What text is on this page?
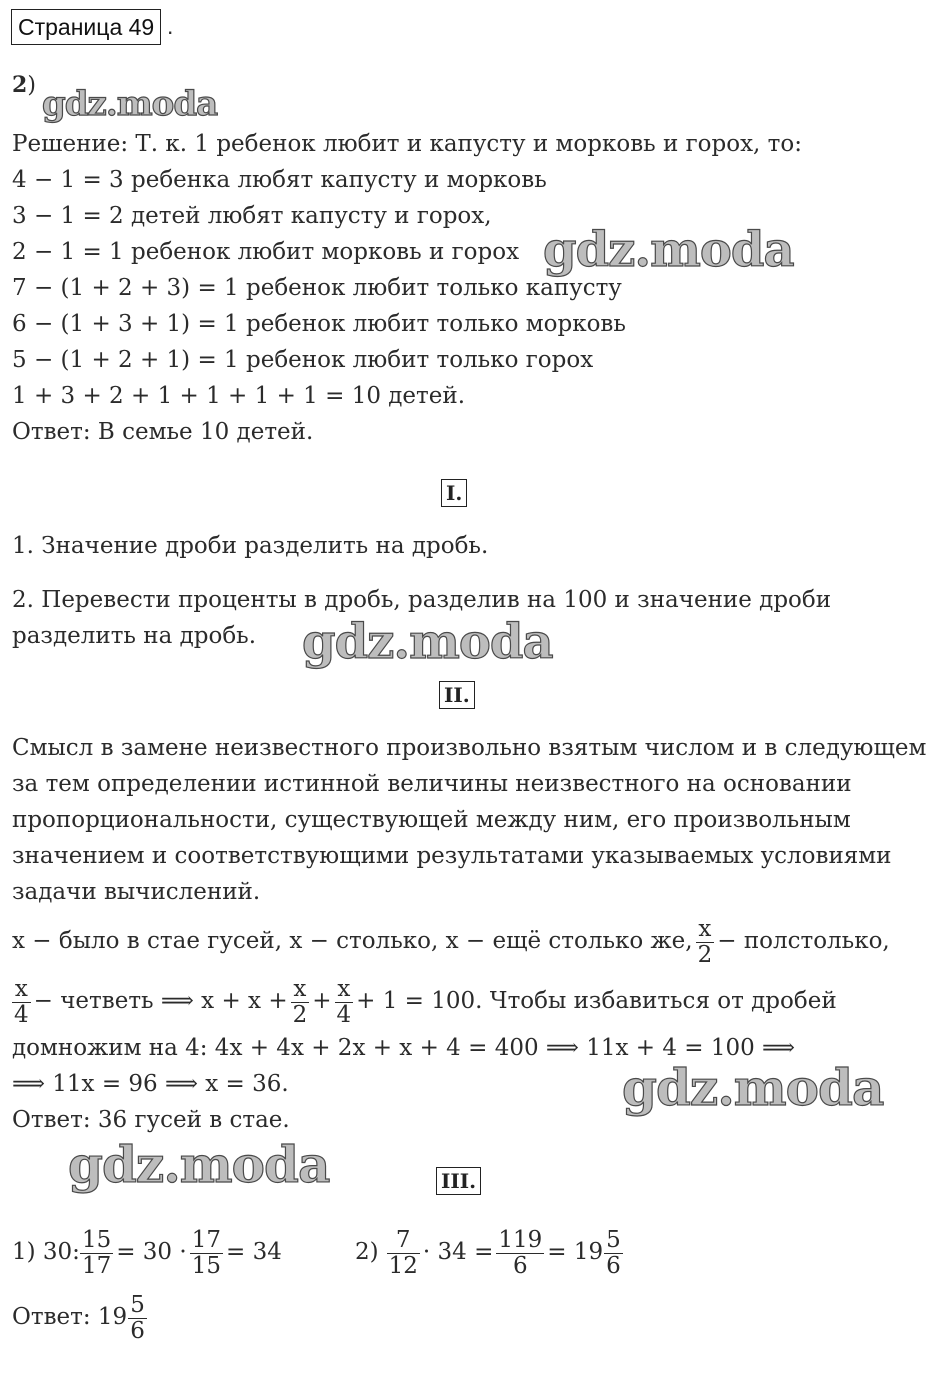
Страница 49 .
2) gdz.moda
Решение: Т. к. 1 ребенок любит и капусту и морковь и горох, то:
4 − 1 = 3 ребенка любят капусту и морковь
3 − 1 = 2 детей любят капусту и горох,
2 − 1 = 1 ребенок любит морковь и горох gdz.moda
7 − (1 + 2 + 3) = 1 ребенок любит только капусту
6 − (1 + 3 + 1) = 1 ребенок любит только морковь
5 − (1 + 2 + 1) = 1 ребенок любит только горох
1 + 3 + 2 + 1 + 1 + 1 + 1 = 10 детей.
Ответ: В семье 10 детей.
I.
1. Значение дроби разделить на дробь.
2. Перевести проценты в дробь, разделив на 100 и значение дроби
разделить на дробь. gdz.moda
II.
Смысл в замене неизвестного произвольно взятым числом и в следующем
за тем определении истинной величины неизвестного на основании
пропорциональности, существующей между ним, его произвольным
значением и соответствующими результатами указываемых условиями
задачи вычислений.
x − было в стае гусей, x − столько, x − ещё столько же, $\frac{x}{2}$ − полстолько,
$\frac{x}{4}$ − четветь ⟹ $x + x + \frac{x}{2} + \frac{x}{4} + 1 = 100$. Чтобы избавиться от дробей
домножим на 4: 4x + 4x + 2x + x + 4 = 400 ⟹ 11x + 4 = 100 ⟹
⟹ 11x = 96 ⟹ x = 36.	gdz.moda
Ответ: 36 гусей в стае.
gdz.moda	III.
1) 30: $\frac{15}{17} = 30 \cdot \frac{17}{15} = 34$	$2) \frac{7}{12} \cdot 34 = \frac{119}{6} = 19 \frac{5}{6}$
Ответ: $19 \frac{5}{6}$
